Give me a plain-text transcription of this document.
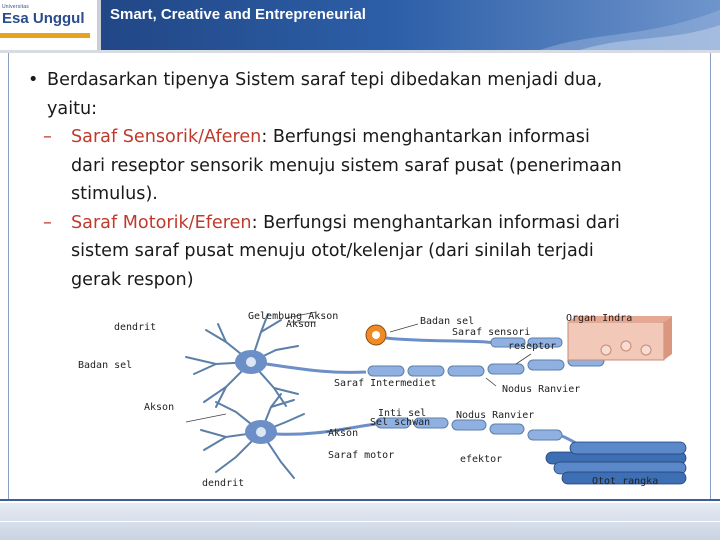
Universitas
Esa Unggul Smart, Creative and Entrepreneurial
• Berdasarkan tipenya Sistem saraf tepi dibedakan menjadi dua,
yaitu:
–	Saraf Sensorik/Aferen: Berfungsi menghantarkan informasi
dari reseptor sensorik menuju sistem saraf pusat (penerimaan
stimulus).
–	Saraf Motorik/Eferen: Berfungsi menghantarkan informasi dari
sistem saraf pusat menuju otot/kelenjar (dari sinilah terjadi
gerak respon)
Gelembung Akson
Akson
dendrit
Badan sel
Badan sel
Saraf sensori
Organ Indra
reseptor
Saraf Intermediet
Nodus Ranvier
Akson
Inti sel	Nodus Ranvier
Sel schwan
Akson
Saraf motor	efektor
dendrit	Otot rangka
